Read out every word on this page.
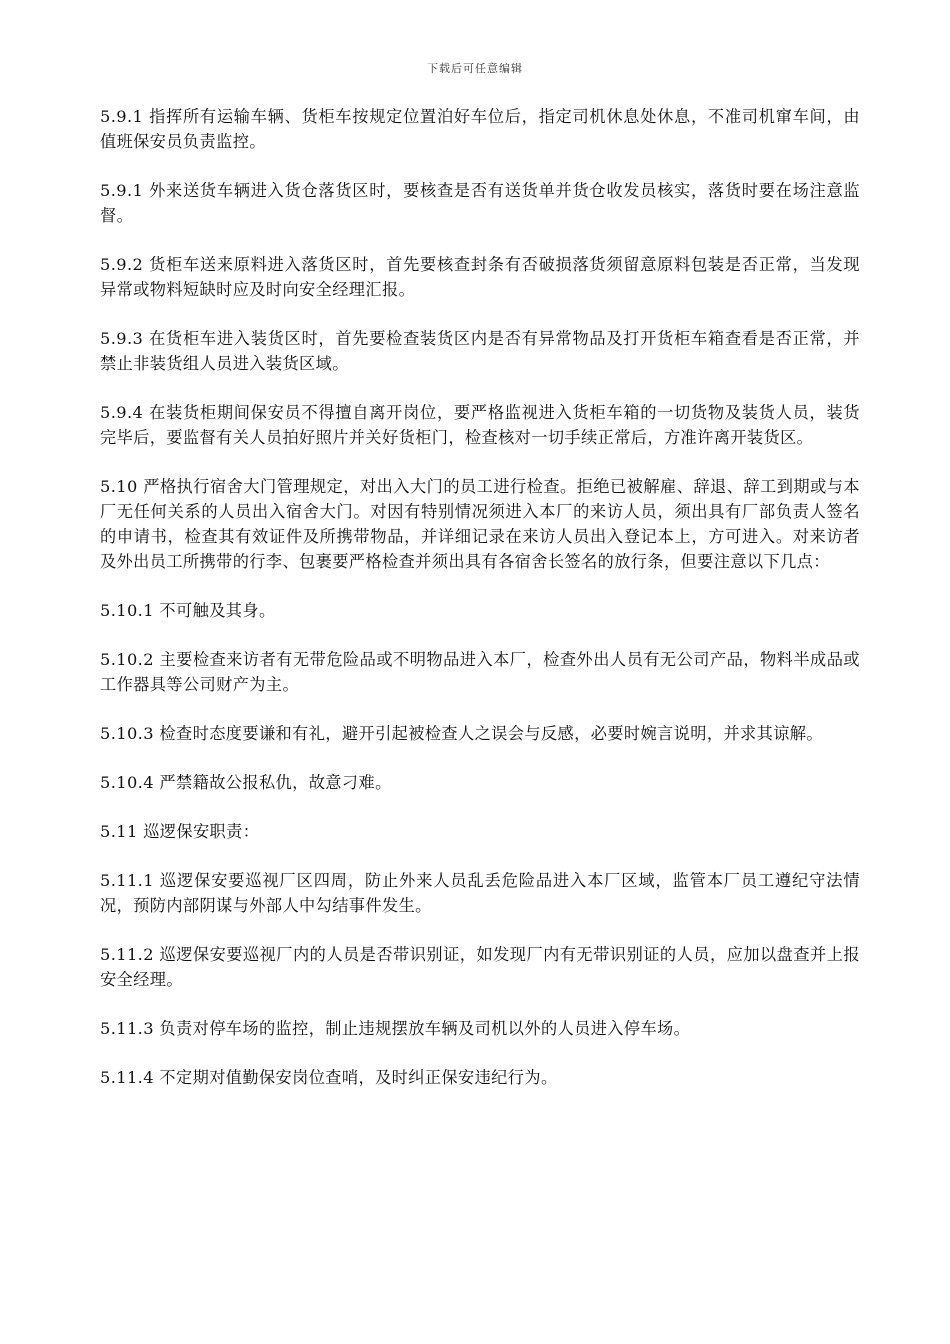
下载后可任意编辑

5.9.1 指挥所有运输车辆、货柜车按规定位置泊好车位后，指定司机休息处休息，不准司机窜车间，由值班保安员负责监控。

5.9.1 外来送货车辆进入货仓落货区时，要核查是否有送货单并货仓收发员核实，落货时要在场注意监督。

5.9.2 货柜车送来原料进入落货区时，首先要核查封条有否破损落货须留意原料包装是否正常，当发现异常或物料短缺时应及时向安全经理汇报。

5.9.3 在货柜车进入装货区时，首先要检查装货区内是否有异常物品及打开货柜车箱查看是否正常，并禁止非装货组人员进入装货区域。

5.9.4 在装货柜期间保安员不得擅自离开岗位，要严格监视进入货柜车箱的一切货物及装货人员，装货完毕后，要监督有关人员拍好照片并关好货柜门，检查核对一切手续正常后，方准许离开装货区。

5.10 严格执行宿舍大门管理规定，对出入大门的员工进行检查。拒绝已被解雇、辞退、辞工到期或与本厂无任何关系的人员出入宿舍大门。对因有特别情况须进入本厂的来访人员，须出具有厂部负责人签名的申请书，检查其有效证件及所携带物品，并详细记录在来访人员出入登记本上，方可进入。对来访者及外出员工所携带的行李、包裹要严格检查并须出具有各宿舍长签名的放行条，但要注意以下几点：

5.10.1 不可触及其身。

5.10.2 主要检查来访者有无带危险品或不明物品进入本厂，检查外出人员有无公司产品，物料半成品或工作器具等公司财产为主。

5.10.3 检查时态度要谦和有礼，避开引起被检查人之误会与反感，必要时婉言说明，并求其谅解。

5.10.4 严禁籍故公报私仇，故意刁难。

5.11 巡逻保安职责：

5.11.1 巡逻保安要巡视厂区四周，防止外来人员乱丢危险品进入本厂区域，监管本厂员工遵纪守法情况，预防内部阴谋与外部人中勾结事件发生。

5.11.2 巡逻保安要巡视厂内的人员是否带识别证，如发现厂内有无带识别证的人员，应加以盘查并上报安全经理。

5.11.3 负责对停车场的监控，制止违规摆放车辆及司机以外的人员进入停车场。

5.11.4 不定期对值勤保安岗位查哨，及时纠正保安违纪行为。
